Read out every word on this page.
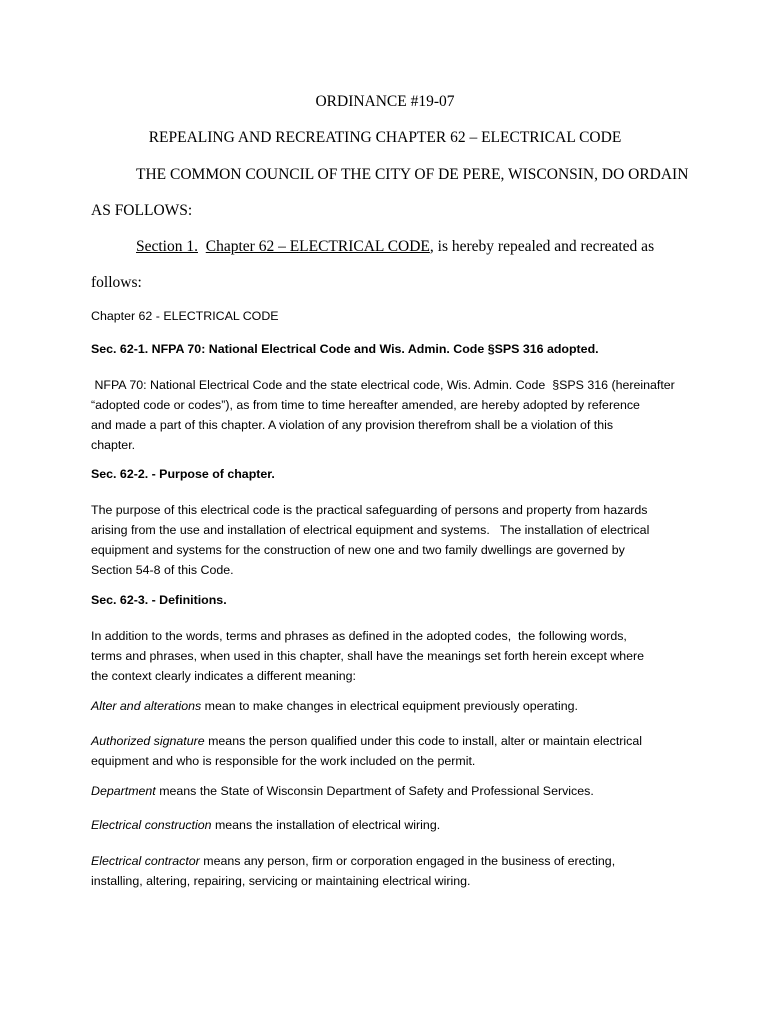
ORDINANCE #19-07
REPEALING AND RECREATING CHAPTER 62 – ELECTRICAL CODE
THE COMMON COUNCIL OF THE CITY OF DE PERE, WISCONSIN, DO ORDAIN
AS FOLLOWS:
Section 1. Chapter 62 – ELECTRICAL CODE, is hereby repealed and recreated as
follows:
Chapter 62 - ELECTRICAL CODE
Sec. 62-1. NFPA 70: National Electrical Code and Wis. Admin. Code §SPS 316 adopted.
NFPA 70: National Electrical Code and the state electrical code, Wis. Admin. Code  §SPS 316 (hereinafter
“adopted code or codes”), as from time to time hereafter amended, are hereby adopted by reference
and made a part of this chapter. A violation of any provision therefrom shall be a violation of this
chapter.
Sec. 62-2. - Purpose of chapter.
The purpose of this electrical code is the practical safeguarding of persons and property from hazards
arising from the use and installation of electrical equipment and systems.   The installation of electrical
equipment and systems for the construction of new one and two family dwellings are governed by
Section 54-8 of this Code.
Sec. 62-3. - Definitions.
In addition to the words, terms and phrases as defined in the adopted codes,  the following words,
terms and phrases, when used in this chapter, shall have the meanings set forth herein except where
the context clearly indicates a different meaning:
Alter and alterations mean to make changes in electrical equipment previously operating.
Authorized signature means the person qualified under this code to install, alter or maintain electrical
equipment and who is responsible for the work included on the permit.
Department means the State of Wisconsin Department of Safety and Professional Services.
Electrical construction means the installation of electrical wiring.
Electrical contractor means any person, firm or corporation engaged in the business of erecting,
installing, altering, repairing, servicing or maintaining electrical wiring.
